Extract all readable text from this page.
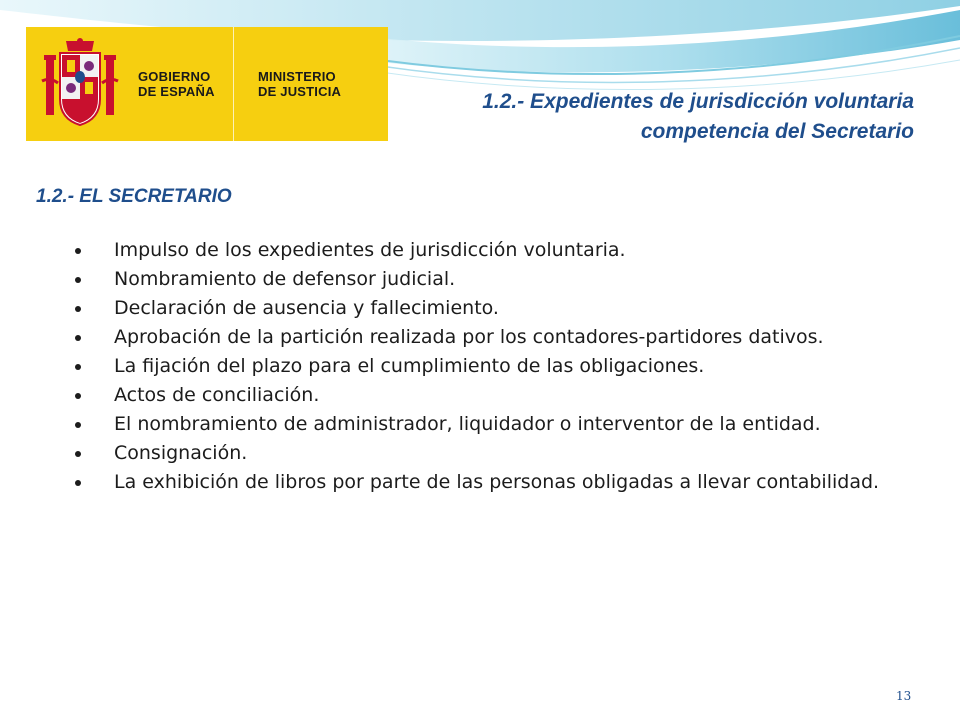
GOBIERNO
DE ESPAÑA
MINISTERIO
DE JUSTICIA	1.2.- Expedientes de jurisdicción voluntaria
competencia del Secretario
1.2.- EL SECRETARIO
Impulso de los expedientes de jurisdicción voluntaria.
Nombramiento de defensor judicial.
Declaración de ausencia y fallecimiento.
Aprobación de la partición realizada por los contadores-partidores dativos.
La fijación del plazo para el cumplimiento de las obligaciones.
Actos de conciliación.
El nombramiento de administrador, liquidador o interventor de la entidad.
Consignación.
La exhibición de libros por parte de las personas obligadas a llevar contabilidad.
13
